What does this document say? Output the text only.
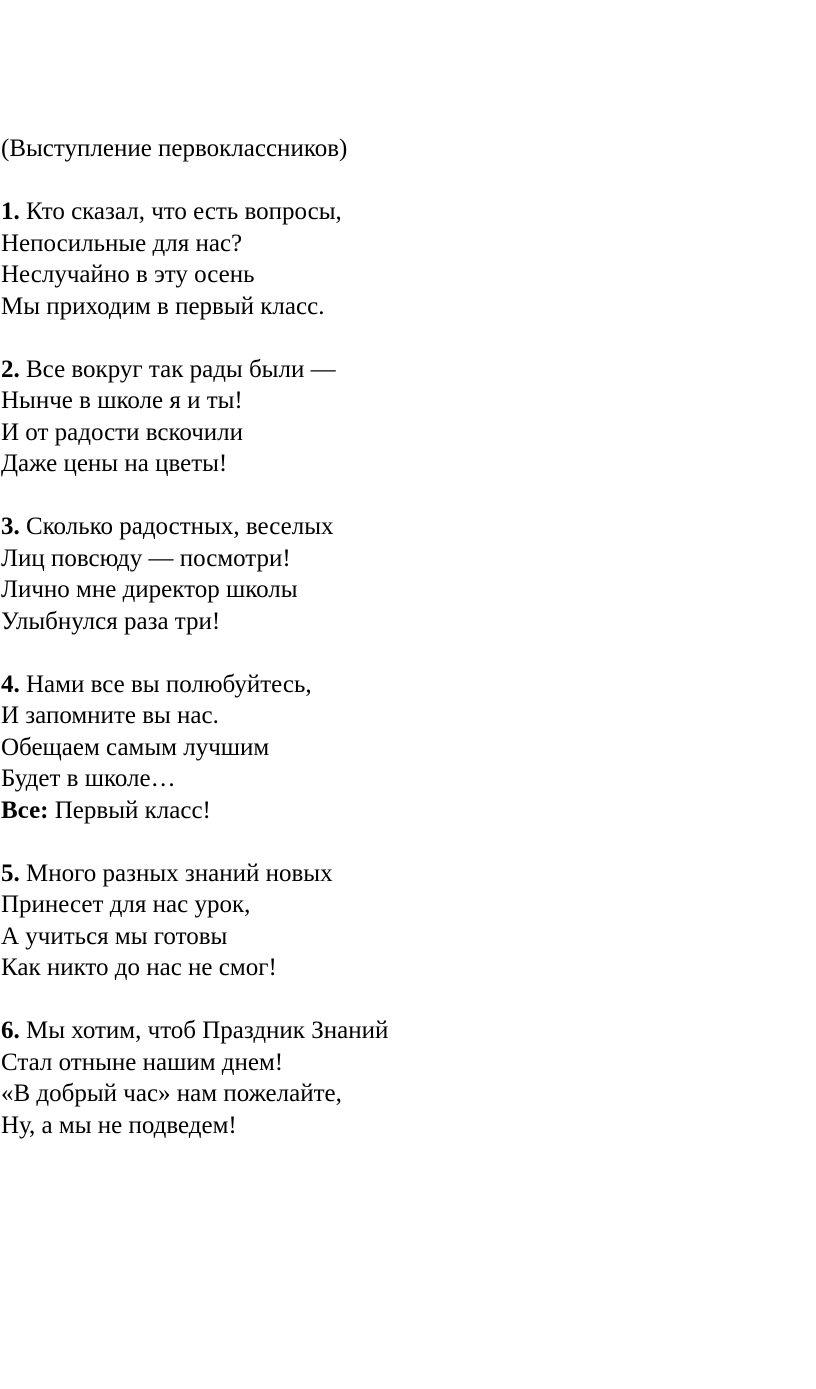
(Выступление первоклассников)
1. Кто сказал, что есть вопросы,
Непосильные для нас?
Неслучайно в эту осень
Мы приходим в первый класс.
2. Все вокруг так рады были —
Нынче в школе я и ты!
И от радости вскочили
Даже цены на цветы!
3. Сколько радостных, веселых
Лиц повсюду — посмотри!
Лично мне директор школы
Улыбнулся раза три!
4. Нами все вы полюбуйтесь,
И запомните вы нас.
Обещаем самым лучшим
Будет в школе…
Все: Первый класс!
5. Много разных знаний новых
Принесет для нас урок,
А учиться мы готовы
Как никто до нас не смог!
6. Мы хотим, чтоб Праздник Знаний
Стал отныне нашим днем!
«В добрый час» нам пожелайте,
Ну, а мы не подведем!
